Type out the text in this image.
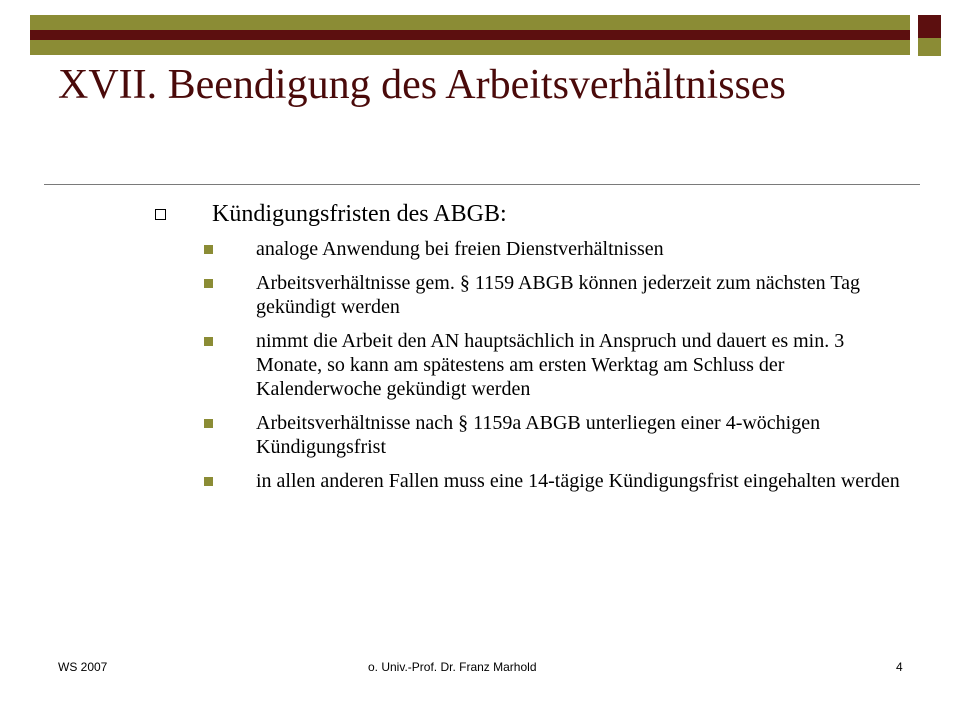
XVII. Beendigung des Arbeitsverhältnisses
Kündigungsfristen des ABGB:
analoge Anwendung bei freien Dienstverhältnissen
Arbeitsverhältnisse gem. § 1159 ABGB können jederzeit zum nächsten Tag gekündigt werden
nimmt die Arbeit den AN hauptsächlich in Anspruch und dauert es min. 3 Monate, so kann am spätestens am ersten Werktag am Schluss der Kalenderwoche gekündigt werden
Arbeitsverhältnisse nach § 1159a ABGB unterliegen einer 4-wöchigen Kündigungsfrist
in allen anderen Fallen muss eine 14-tägige Kündigungsfrist eingehalten werden
WS 2007	o. Univ.-Prof. Dr. Franz Marhold	4
